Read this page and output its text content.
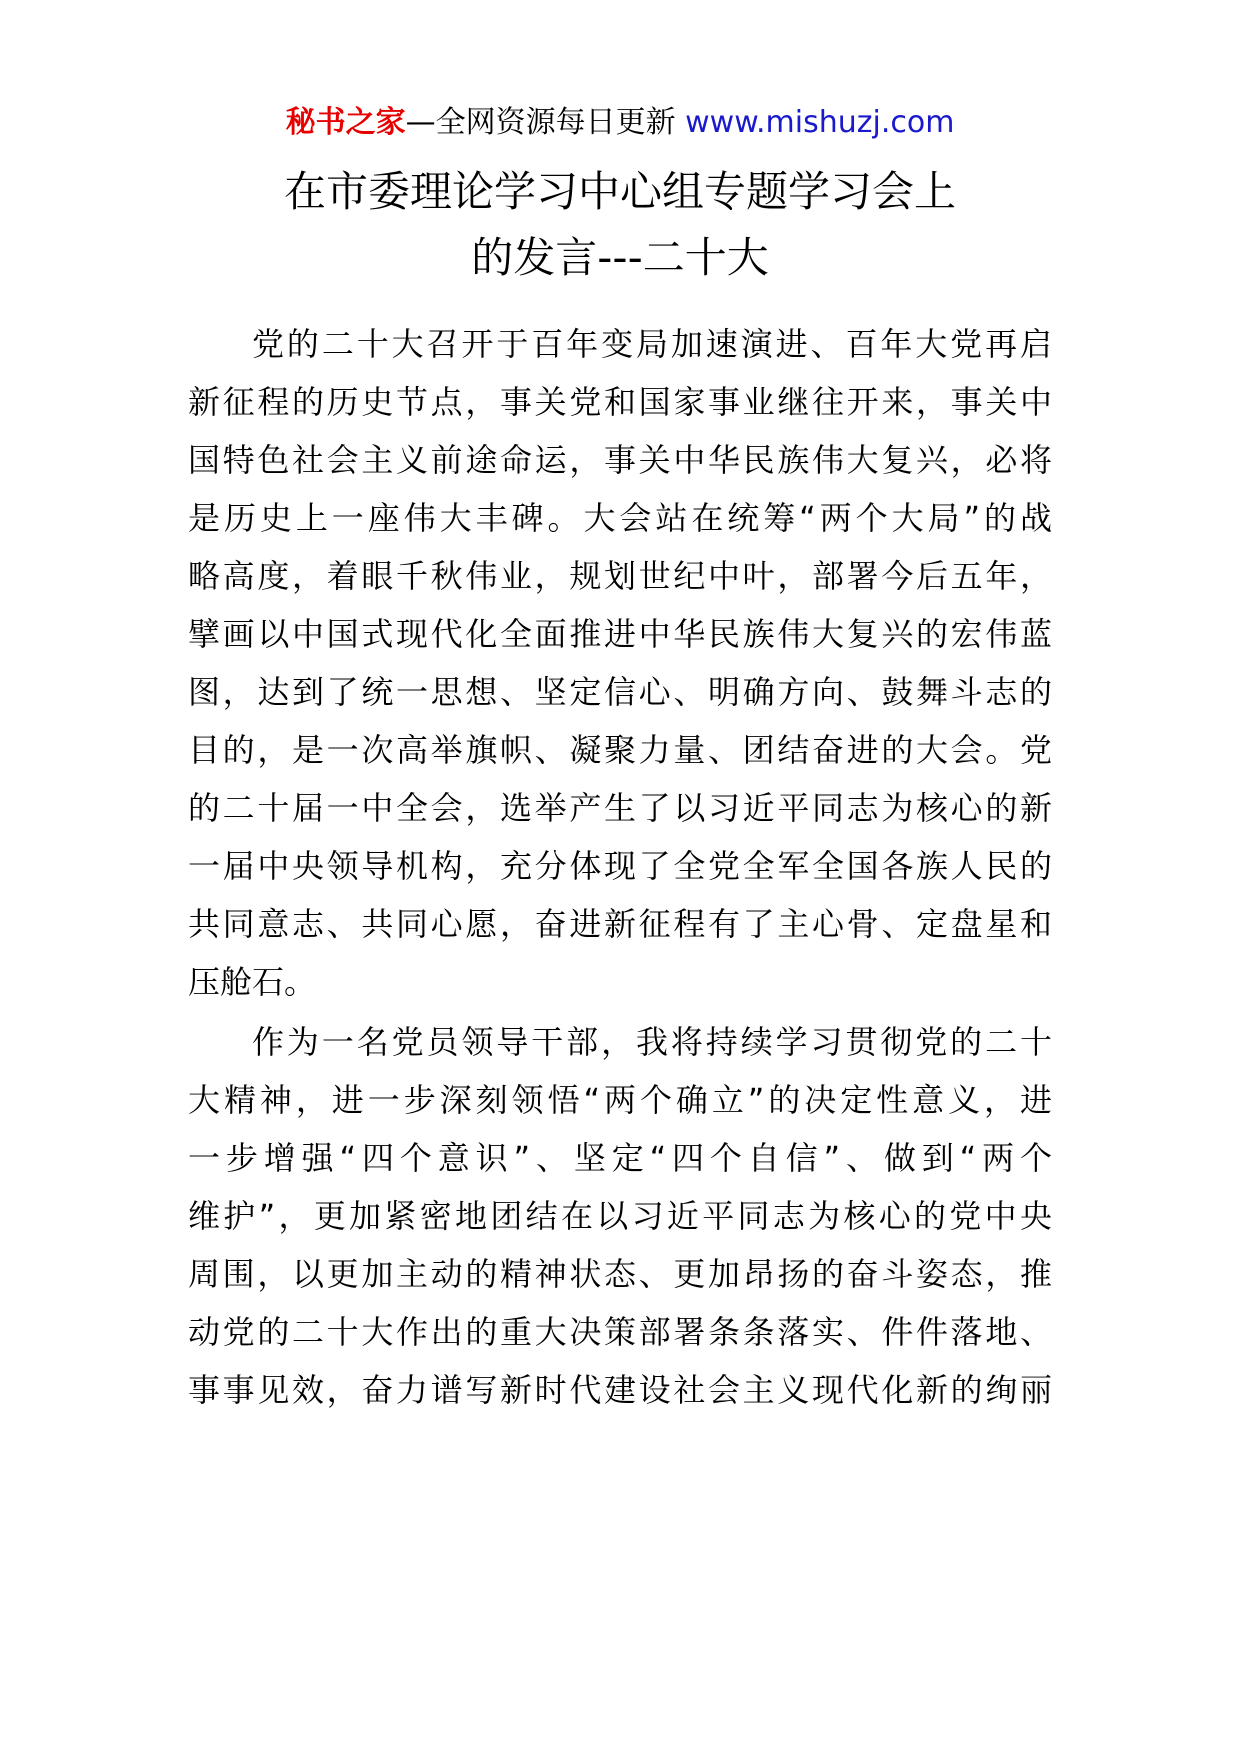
秘书之家—全网资源每日更新 www.mishuzj.com
在市委理论学习中心组专题学习会上
的发言---二十大
党的二十大召开于百年变局加速演进、百年大党再启
新征程的历史节点，事关党和国家事业继往开来，事关中
国特色社会主义前途命运，事关中华民族伟大复兴，必将
是历史上一座伟大丰碑。大会站在统筹“两个大局”的战
略高度，着眼千秋伟业，规划世纪中叶，部署今后五年，
擘画以中国式现代化全面推进中华民族伟大复兴的宏伟蓝
图，达到了统一思想、坚定信心、明确方向、鼓舞斗志的
目的，是一次高举旗帜、凝聚力量、团结奋进的大会。党
的二十届一中全会，选举产生了以习近平同志为核心的新
一届中央领导机构，充分体现了全党全军全国各族人民的
共同意志、共同心愿，奋进新征程有了主心骨、定盘星和
压舱石。
作为一名党员领导干部，我将持续学习贯彻党的二十
大精神，进一步深刻领悟“两个确立”的决定性意义，进
一步增强“四个意识”、坚定“四个自信”、做到“两个
维护”，更加紧密地团结在以习近平同志为核心的党中央
周围，以更加主动的精神状态、更加昂扬的奋斗姿态，推
动党的二十大作出的重大决策部署条条落实、件件落地、
事事见效，奋力谱写新时代建设社会主义现代化新的绚丽
